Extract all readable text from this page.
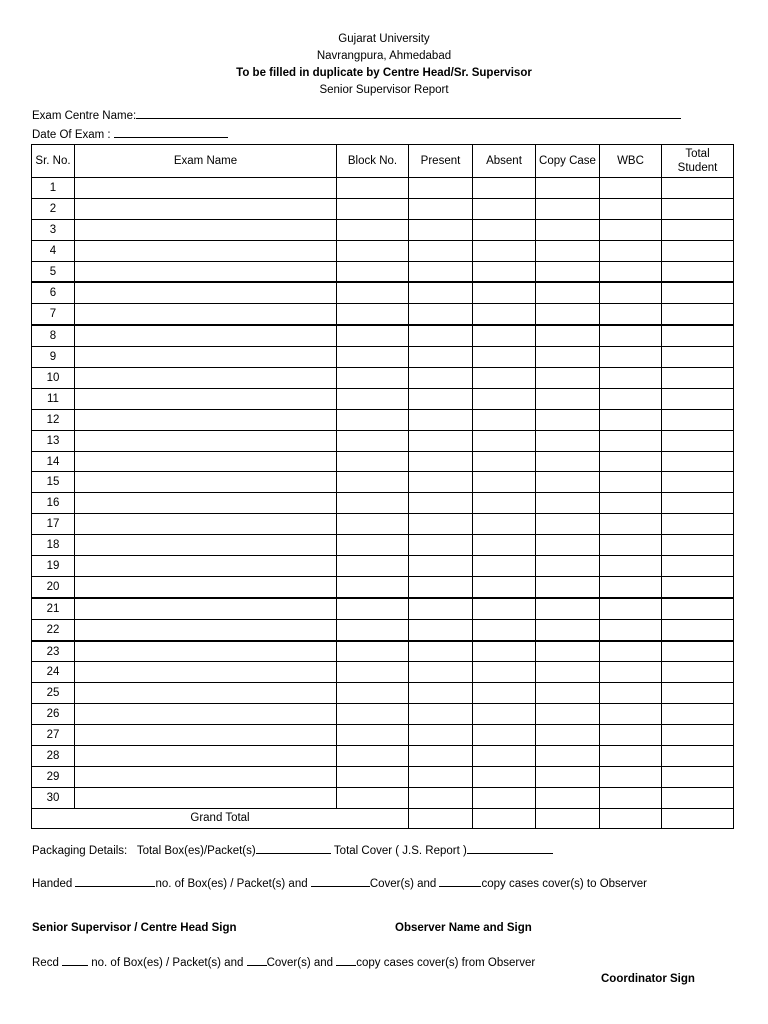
Gujarat University
Navrangpura, Ahmedabad
To be filled in duplicate by Centre Head/Sr. Supervisor
Senior Supervisor Report
Exam Centre Name:
Date Of Exam :
Sr. No.	Exam Name	Block No.	Present	Absent	Copy Case	WBC	Total Student
1							
2							
3							
4							
5							
6							
7							
8							
9							
10							
11							
12							
13							
14							
15							
16							
17							
18							
19							
20							
21							
22							
23							
24							
25							
26							
27							
28							
29							
30							
Grand Total							
Packaging Details: Total Box(es)/Packet(s)	Total Cover ( J.S. Report )
Handed	no. of Box(es) / Packet(s) and	Cover(s) and	copy cases cover(s) to Observer
Senior Supervisor / Centre Head Sign	Observer Name and Sign
Recd  no. of Box(es) / Packet(s) and Cover(s) and copy cases cover(s) from Observer
Coordinator Sign
